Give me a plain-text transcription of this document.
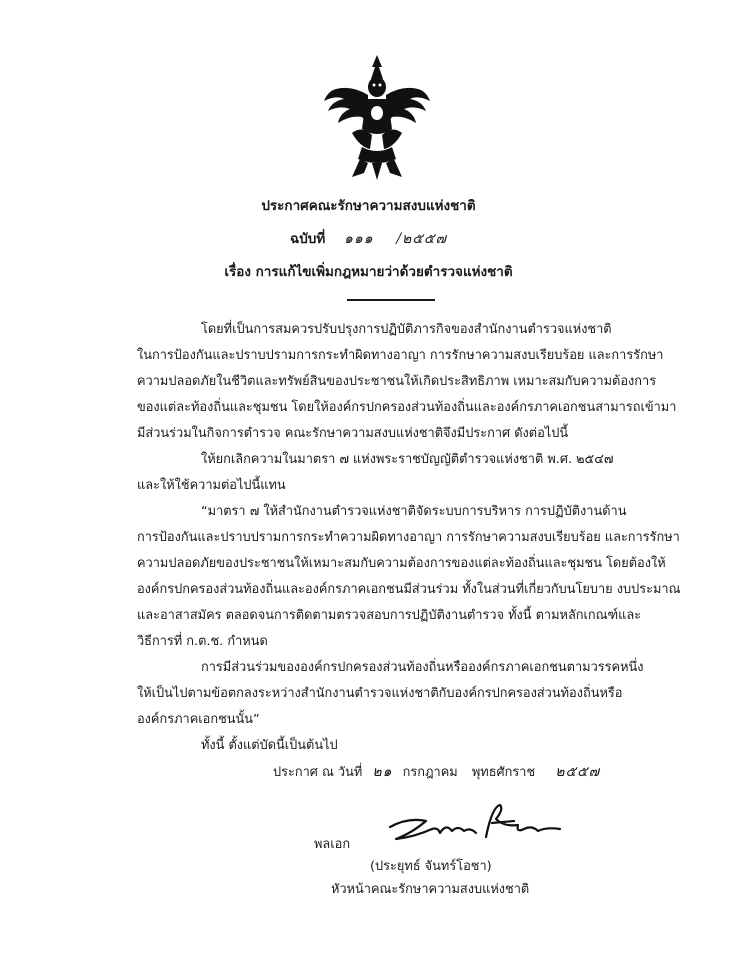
ประกาศคณะรักษาความสงบแห่งชาติ
ฉบับที่ ๑๑๑ /๒๕๕๗
เรื่อง การแก้ไขเพิ่มกฎหมายว่าด้วยตำรวจแห่งชาติ
โดยที่เป็นการสมควรปรับปรุงการปฏิบัติภารกิจของสำนักงานตำรวจแห่งชาติ
ในการป้องกันและปราบปรามการกระทำผิดทางอาญา การรักษาความสงบเรียบร้อย และการรักษา
ความปลอดภัยในชีวิตและทรัพย์สินของประชาชนให้เกิดประสิทธิภาพ เหมาะสมกับความต้องการ
ของแต่ละท้องถิ่นและชุมชน โดยให้องค์กรปกครองส่วนท้องถิ่นและองค์กรภาคเอกชนสามารถเข้ามา
มีส่วนร่วมในกิจการตำรวจ คณะรักษาความสงบแห่งชาติจึงมีประกาศ ดังต่อไปนี้
ให้ยกเลิกความในมาตรา ๗ แห่งพระราชบัญญัติตำรวจแห่งชาติ พ.ศ. ๒๕๔๗
และให้ใช้ความต่อไปนี้แทน
“มาตรา ๗ ให้สำนักงานตำรวจแห่งชาติจัดระบบการบริหาร การปฏิบัติงานด้าน
การป้องกันและปราบปรามการกระทำความผิดทางอาญา การรักษาความสงบเรียบร้อย และการรักษา
ความปลอดภัยของประชาชนให้เหมาะสมกับความต้องการของแต่ละท้องถิ่นและชุมชน โดยต้องให้
องค์กรปกครองส่วนท้องถิ่นและองค์กรภาคเอกชนมีส่วนร่วม ทั้งในส่วนที่เกี่ยวกับนโยบาย งบประมาณ
และอาสาสมัคร ตลอดจนการติดตามตรวจสอบการปฏิบัติงานตำรวจ ทั้งนี้ ตามหลักเกณฑ์และ
วิธีการที่ ก.ต.ช. กำหนด
การมีส่วนร่วมขององค์กรปกครองส่วนท้องถิ่นหรือองค์กรภาคเอกชนตามวรรคหนึ่ง
ให้เป็นไปตามข้อตกลงระหว่างสำนักงานตำรวจแห่งชาติกับองค์กรปกครองส่วนท้องถิ่นหรือ
องค์กรภาคเอกชนนั้น”
ทั้งนี้ ตั้งแต่บัดนี้เป็นต้นไป
ประกาศ ณ วันที่ ๒๑ กรกฎาคม พุทธศักราช ๒๕๕๗
พลเอก
(ประยุทธ์ จันทร์โอชา)
หัวหน้าคณะรักษาความสงบแห่งชาติ
